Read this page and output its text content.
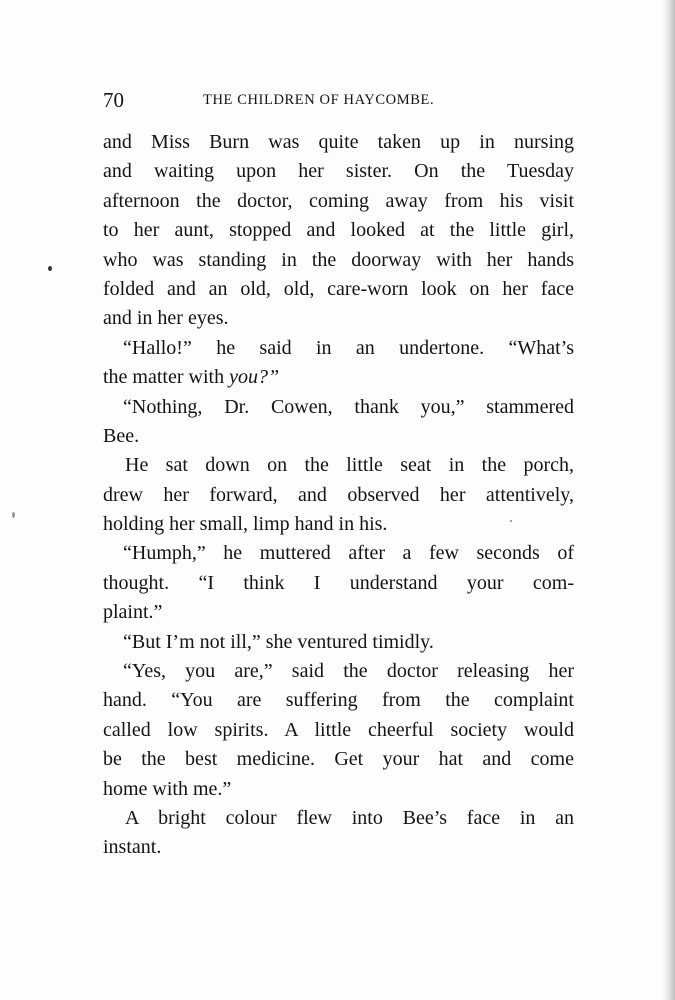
70	THE CHILDREN OF HAYCOMBE.
and Miss Burn was quite taken up in nursing
and waiting upon her sister. On the Tuesday
afternoon the doctor, coming away from his visit
to her aunt, stopped and looked at the little girl,
who was standing in the doorway with her hands
folded and an old, old, care-worn look on her face
and in her eyes.
“Hallo!” he said in an undertone. “What’s
the matter with you?”
“Nothing, Dr. Cowen, thank you,” stammered
Bee.
He sat down on the little seat in the porch,
drew her forward, and observed her attentively,
holding her small, limp hand in his.
“Humph,” he muttered after a few seconds of
thought. “I think I understand your com-
plaint.”
“But I’m not ill,” she ventured timidly.
“Yes, you are,” said the doctor releasing her
hand. “You are suffering from the complaint
called low spirits. A little cheerful society would
be the best medicine. Get your hat and come
home with me.”
A bright colour flew into Bee’s face in an
instant.
